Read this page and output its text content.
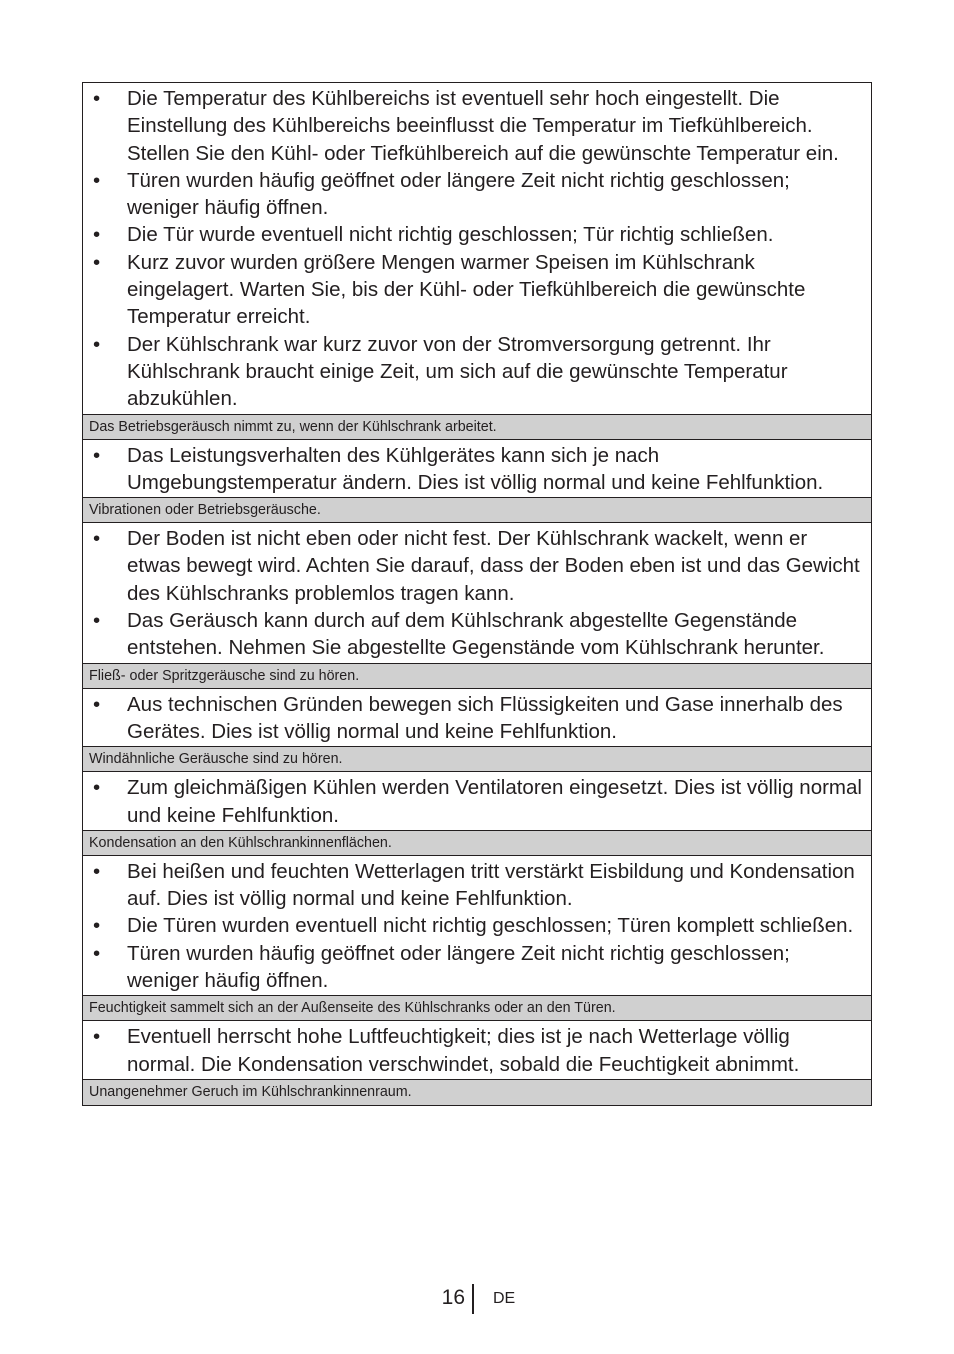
• Die Temperatur des Kühlbereichs ist eventuell sehr hoch eingestellt. Die Einstellung des Kühlbereichs beeinflusst die Temperatur im Tiefkühlbereich. Stellen Sie den Kühl- oder Tiefkühlbereich auf die gewünschte Temperatur ein.
• Türen wurden häufig geöffnet oder längere Zeit nicht richtig geschlossen; weniger häufig öffnen.
• Die Tür wurde eventuell nicht richtig geschlossen; Tür richtig schließen.
• Kurz zuvor wurden größere Mengen warmer Speisen im Kühlschrank eingelagert. Warten Sie, bis der Kühl- oder Tiefkühlbereich die gewünschte Temperatur erreicht.
• Der Kühlschrank war kurz zuvor von der Stromversorgung getrennt. Ihr Kühlschrank braucht einige Zeit, um sich auf die gewünschte Temperatur abzukühlen.
Das Betriebsgeräusch nimmt zu, wenn der Kühlschrank arbeitet.
• Das Leistungsverhalten des Kühlgerätes kann sich je nach Umgebungstemperatur ändern. Dies ist völlig normal und keine Fehlfunktion.
Vibrationen oder Betriebsgeräusche.
• Der Boden ist nicht eben oder nicht fest. Der Kühlschrank wackelt, wenn er etwas bewegt wird. Achten Sie darauf, dass der Boden eben ist und das Gewicht des Kühlschranks problemlos tragen kann.
• Das Geräusch kann durch auf dem Kühlschrank abgestellte Gegenstände entstehen. Nehmen Sie abgestellte Gegenstände vom Kühlschrank herunter.
Fließ- oder Spritzgeräusche sind zu hören.
• Aus technischen Gründen bewegen sich Flüssigkeiten und Gase innerhalb des Gerätes. Dies ist völlig normal und keine Fehlfunktion.
Windähnliche Geräusche sind zu hören.
• Zum gleichmäßigen Kühlen werden Ventilatoren eingesetzt. Dies ist völlig normal und keine Fehlfunktion.
Kondensation an den Kühlschrankinnenflächen.
• Bei heißen und feuchten Wetterlagen tritt verstärkt Eisbildung und Kondensation auf. Dies ist völlig normal und keine Fehlfunktion.
• Die Türen wurden eventuell nicht richtig geschlossen; Türen komplett schließen.
• Türen wurden häufig geöffnet oder längere Zeit nicht richtig geschlossen; weniger häufig öffnen.
Feuchtigkeit sammelt sich an der Außenseite des Kühlschranks oder an den Türen.
• Eventuell herrscht hohe Luftfeuchtigkeit; dies ist je nach Wetterlage völlig normal. Die Kondensation verschwindet, sobald die Feuchtigkeit abnimmt.
Unangenehmer Geruch im Kühlschrankinnenraum.
16 DE
